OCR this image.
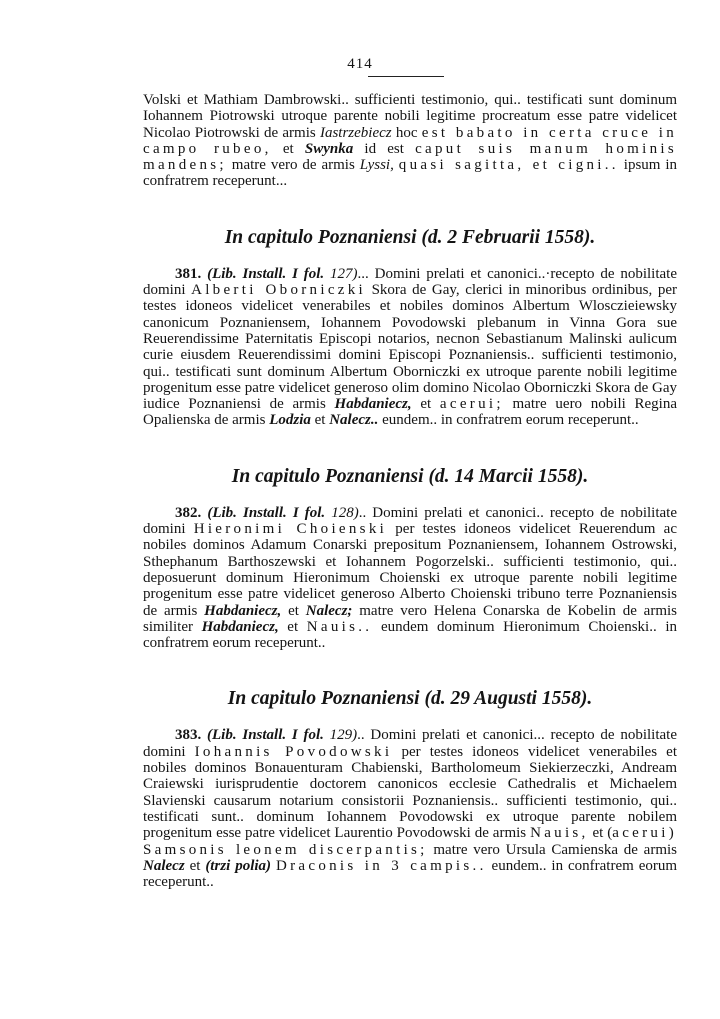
414

Volski et Mathiam Dambrowski.. sufficienti testimonio, qui.. testificati sunt dominum Iohannem Piotrowski utroque parente nobili legitime procreatum esse patre videlicet Nicolao Piotrowski de armis Iastrzebiecz hoc est babato in certa cruce in campo rubeo, et Swynka id est caput suis manum hominis mandens; matre vero de armis Lyssi, quasi sagitta, et cigni.. ipsum in confratrem receperunt...

In capitulo Poznaniensi (d. 2 Februarii 1558).

381. (Lib. Install. I fol. 127)... Domini prelati et canonici..·recepto de nobilitate domini Alberti Oborniczki Skora de Gay, clerici in minoribus ordinibus, per testes idoneos videlicet venerabiles et nobiles dominos Albertum Wlosczieiewsky canonicum Poznaniensem, Iohannem Povodowski plebanum in Vinna Gora sue Reuerendissime Paternitatis Episcopi notarios, necnon Sebastianum Malinski aulicum curie eiusdem Reuerendissimi domini Episcopi Poznaniensis.. sufficienti testimonio, qui.. testificati sunt dominum Albertum Oborniczki ex utroque parente nobili legitime progenitum esse patre videlicet generoso olim domino Nicolao Oborniczki Skora de Gay iudice Poznaniensi de armis Habdaniecz, et acerui; matre uero nobili Regina Opalienska de armis Lodzia et Nalecz.. eundem.. in confratrem eorum receperunt..

In capitulo Poznaniensi (d. 14 Marcii 1558).

382. (Lib. Install. I fol. 128).. Domini prelati et canonici.. recepto de nobilitate domini Hieronimi Choienski per testes idoneos videlicet Reuerendum ac nobiles dominos Adamum Conarski prepositum Poznaniensem, Iohannem Ostrowski, Sthephanum Barthoszewski et Iohannem Pogorzelski.. sufficienti testimonio, qui.. deposuerunt dominum Hieronimum Choienski ex utroque parente nobili legitime progenitum esse patre videlicet generoso Alberto Choienski tribuno terre Poznaniensis de armis Habdaniecz, et Nalecz; matre vero Helena Conarska de Kobelin de armis similiter Habdaniecz, et Nauis.. eundem dominum Hieronimum Choienski.. in confratrem eorum receperunt..

In capitulo Poznaniensi (d. 29 Augusti 1558).

383. (Lib. Install. I fol. 129).. Domini prelati et canonici... recepto de nobilitate domini Iohannis Povodowski per testes idoneos videlicet venerabiles et nobiles dominos Bonauenturam Chabienski, Bartholomeum Siekierzeczki, Andream Craiewski iurisprudentie doctorem canonicos ecclesie Cathedralis et Michaelem Slavienski causarum notarium consistorii Poznaniensis.. sufficienti testimonio, qui.. testificati sunt.. dominum Iohannem Povodowski ex utroque parente nobilem progenitum esse patre videlicet Laurentio Povodowski de armis Nauis, et (acerui) Samsonis leonem discerpantis; matre vero Ursula Camienska de armis Nalecz et (trzi polia) Draconis in 3 campis.. eundem.. in confratrem eorum receperunt..
